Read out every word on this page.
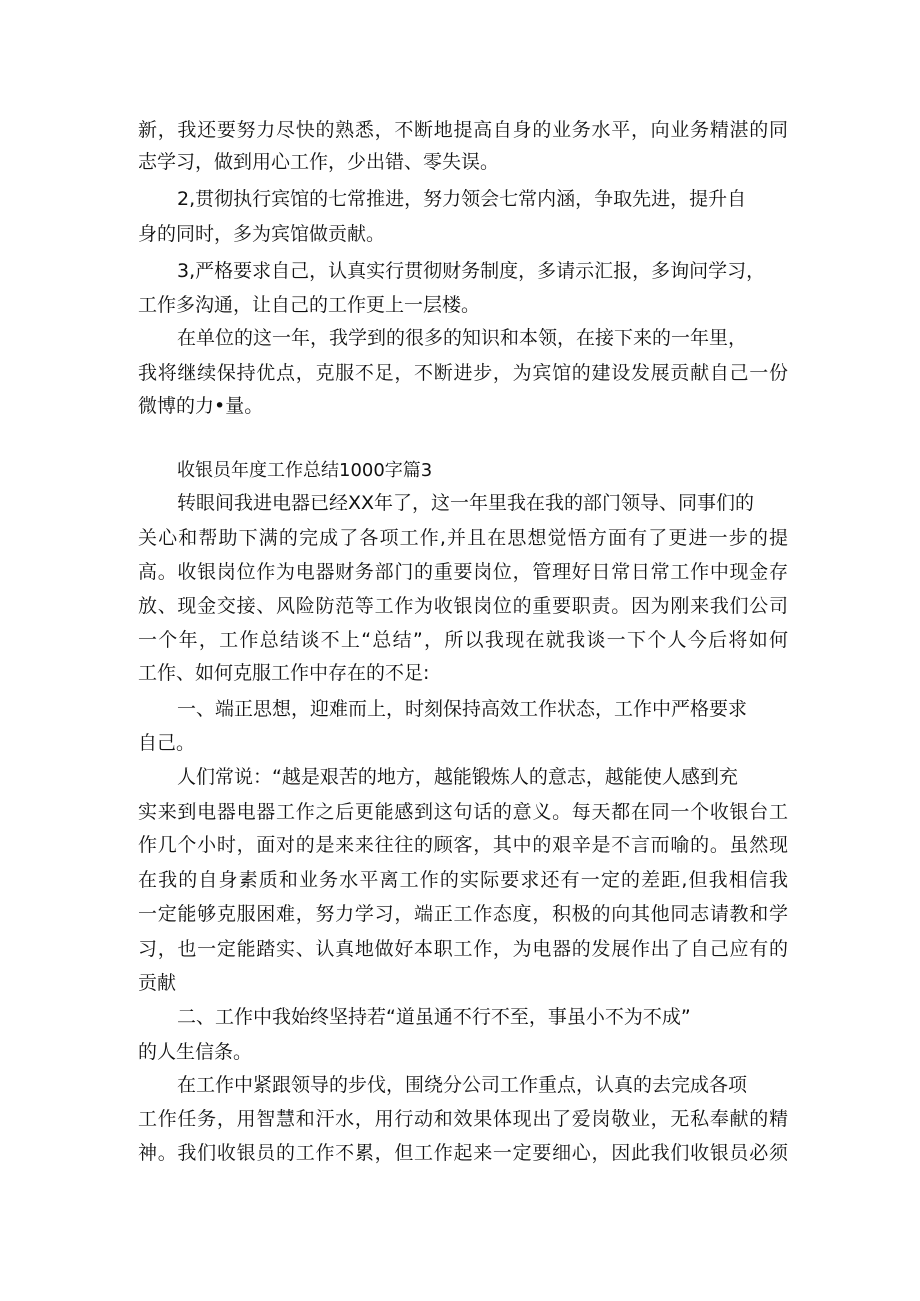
新，我还要努力尽快的熟悉，不断地提高自身的业务水平，向业务精湛的同
志学习，做到用心工作，少出错、零失误。
2,贯彻执行宾馆的七常推进，努力领会七常内涵，争取先进，提升自
身的同时，多为宾馆做贡献。
3,严格要求自己，认真实行贯彻财务制度，多请示汇报，多询问学习，
工作多沟通，让自己的工作更上一层楼。
在单位的这一年，我学到的很多的知识和本领，在接下来的一年里，
我将继续保持优点，克服不足，不断进步，为宾馆的建设发展贡献自己一份
微博的力•量。
收银员年度工作总结1000字篇3
转眼间我进电器已经XX年了，这一年里我在我的部门领导、同事们的
关心和帮助下满的完成了各项工作,并且在思想觉悟方面有了更进一步的提
高。收银岗位作为电器财务部门的重要岗位，管理好日常日常工作中现金存
放、现金交接、风险防范等工作为收银岗位的重要职责。因为刚来我们公司
一个年，工作总结谈不上“总结”，所以我现在就我谈一下个人今后将如何
工作、如何克服工作中存在的不足:
一、端正思想，迎难而上，时刻保持高效工作状态，工作中严格要求
自己。
人们常说：“越是艰苦的地方，越能锻炼人的意志，越能使人感到充
实来到电器电器工作之后更能感到这句话的意义。每天都在同一个收银台工
作几个小时，面对的是来来往往的顾客，其中的艰辛是不言而喻的。虽然现
在我的自身素质和业务水平离工作的实际要求还有一定的差距,但我相信我
一定能够克服困难，努力学习，端正工作态度，积极的向其他同志请教和学
习，也一定能踏实、认真地做好本职工作，为电器的发展作出了自己应有的
贡献
二、工作中我始终坚持若“道虽通不行不至，事虽小不为不成”
的人生信条。
在工作中紧跟领导的步伐，围绕分公司工作重点，认真的去完成各项
工作任务，用智慧和汗水，用行动和效果体现出了爱岗敬业，无私奉献的精
神。我们收银员的工作不累，但工作起来一定要细心，因此我们收银员必须
